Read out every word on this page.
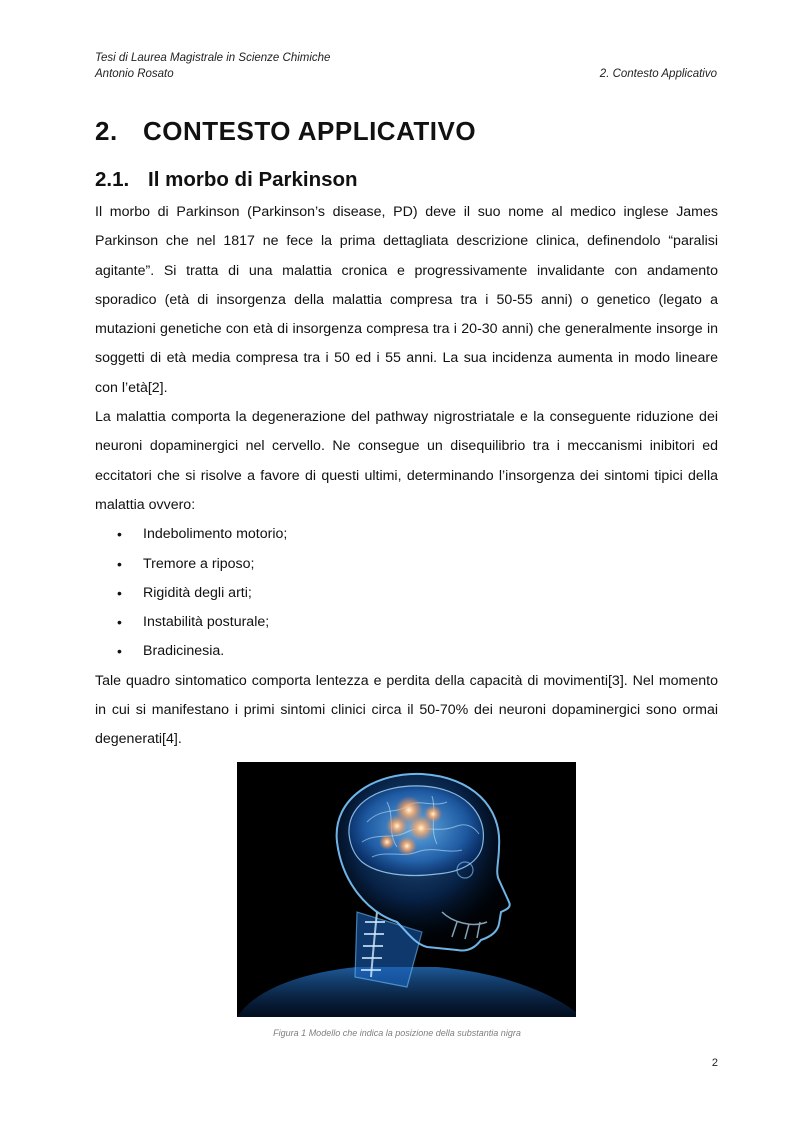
Tesi di Laurea Magistrale in Scienze Chimiche
Antonio Rosato	2. Contesto Applicativo
2. CONTESTO APPLICATIVO
2.1. Il morbo di Parkinson

Il morbo di Parkinson (Parkinson’s disease, PD) deve il suo nome al medico inglese James Parkinson che nel 1817 ne fece la prima dettagliata descrizione clinica, definendolo “paralisi agitante”. Si tratta di una malattia cronica e progressivamente invalidante con andamento sporadico (età di insorgenza della malattia compresa tra i 50-55 anni) o genetico (legato a mutazioni genetiche con età di insorgenza compresa tra i 20-30 anni) che generalmente insorge in soggetti di età media compresa tra i 50 ed i 55 anni. La sua incidenza aumenta in modo lineare con l’età[2].

La malattia comporta la degenerazione del pathway nigrostriatale e la conseguente riduzione dei neuroni dopaminergici nel cervello. Ne consegue un disequilibrio tra i meccanismi inibitori ed eccitatori che si risolve a favore di questi ultimi, determinando l’insorgenza dei sintomi tipici della malattia ovvero:

• Indebolimento motorio;
• Tremore a riposo;
• Rigidità degli arti;
• Instabilità posturale;
• Bradicinesia.

Tale quadro sintomatico comporta lentezza e perdita della capacità di movimenti[3]. Nel momento in cui si manifestano i primi sintomi clinici circa il 50-70% dei neuroni dopaminergici sono ormai degenerati[4].

Figura 1 Modello che indica la posizione della substantia nigra
2
